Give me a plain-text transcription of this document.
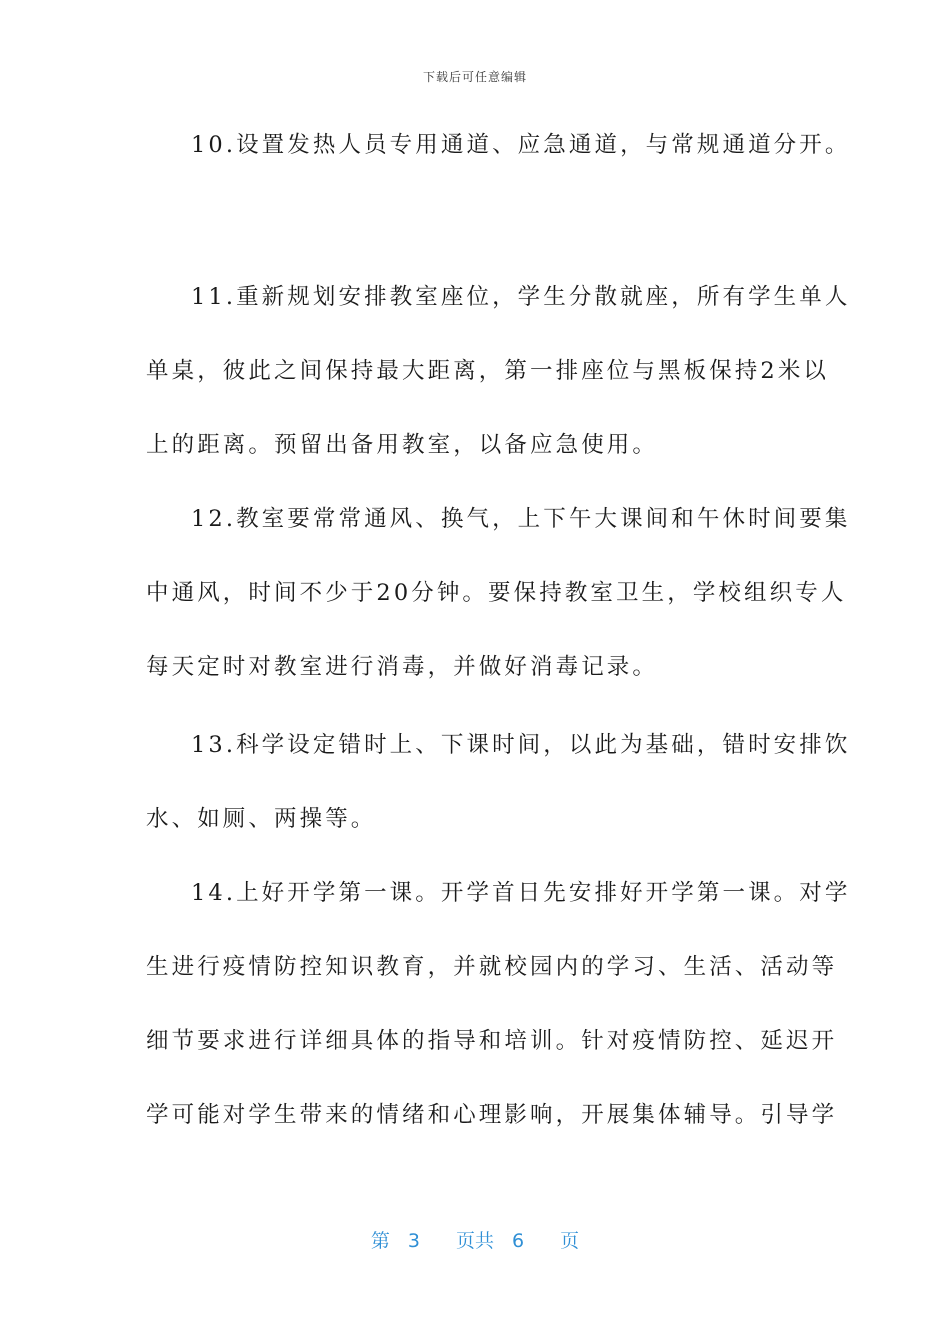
下载后可任意编辑
10.设置发热人员专用通道、应急通道，与常规通道分开。
11.重新规划安排教室座位，学生分散就座，所有学生单人
单桌，彼此之间保持最大距离，第一排座位与黑板保持2米以
上的距离。预留出备用教室，以备应急使用。
12.教室要常常通风、换气，上下午大课间和午休时间要集
中通风，时间不少于20分钟。要保持教室卫生，学校组织专人
每天定时对教室进行消毒，并做好消毒记录。
13.科学设定错时上、下课时间，以此为基础，错时安排饮
水、如厕、两操等。
14.上好开学第一课。开学首日先安排好开学第一课。对学
生进行疫情防控知识教育，并就校园内的学习、生活、活动等
细节要求进行详细具体的指导和培训。针对疫情防控、延迟开
学可能对学生带来的情绪和心理影响，开展集体辅导。引导学
第 3 页共 6 页
